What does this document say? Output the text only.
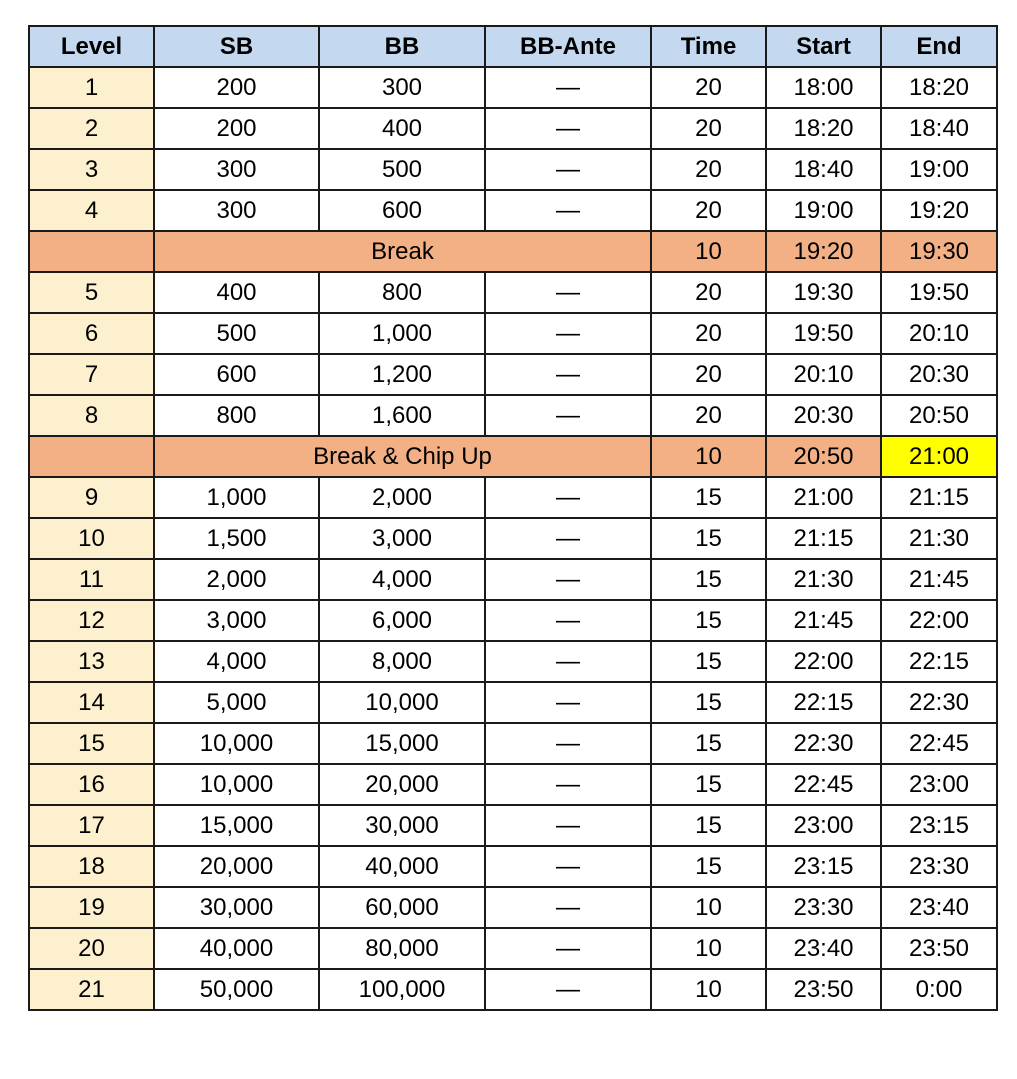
Level	SB	BB	BB-Ante	Time	Start	End
1	200	300	—	20	18:00	18:20
2	200	400	—	20	18:20	18:40
3	300	500	—	20	18:40	19:00
4	300	600	—	20	19:00	19:20
	Break			10	19:20	19:30
5	400	800	—	20	19:30	19:50
6	500	1,000	—	20	19:50	20:10
7	600	1,200	—	20	20:10	20:30
8	800	1,600	—	20	20:30	20:50
	Break & Chip Up			10	20:50	21:00
9	1,000	2,000	—	15	21:00	21:15
10	1,500	3,000	—	15	21:15	21:30
11	2,000	4,000	—	15	21:30	21:45
12	3,000	6,000	—	15	21:45	22:00
13	4,000	8,000	—	15	22:00	22:15
14	5,000	10,000	—	15	22:15	22:30
15	10,000	15,000	—	15	22:30	22:45
16	10,000	20,000	—	15	22:45	23:00
17	15,000	30,000	—	15	23:00	23:15
18	20,000	40,000	—	15	23:15	23:30
19	30,000	60,000	—	10	23:30	23:40
20	40,000	80,000	—	10	23:40	23:50
21	50,000	100,000	—	10	23:50	0:00
